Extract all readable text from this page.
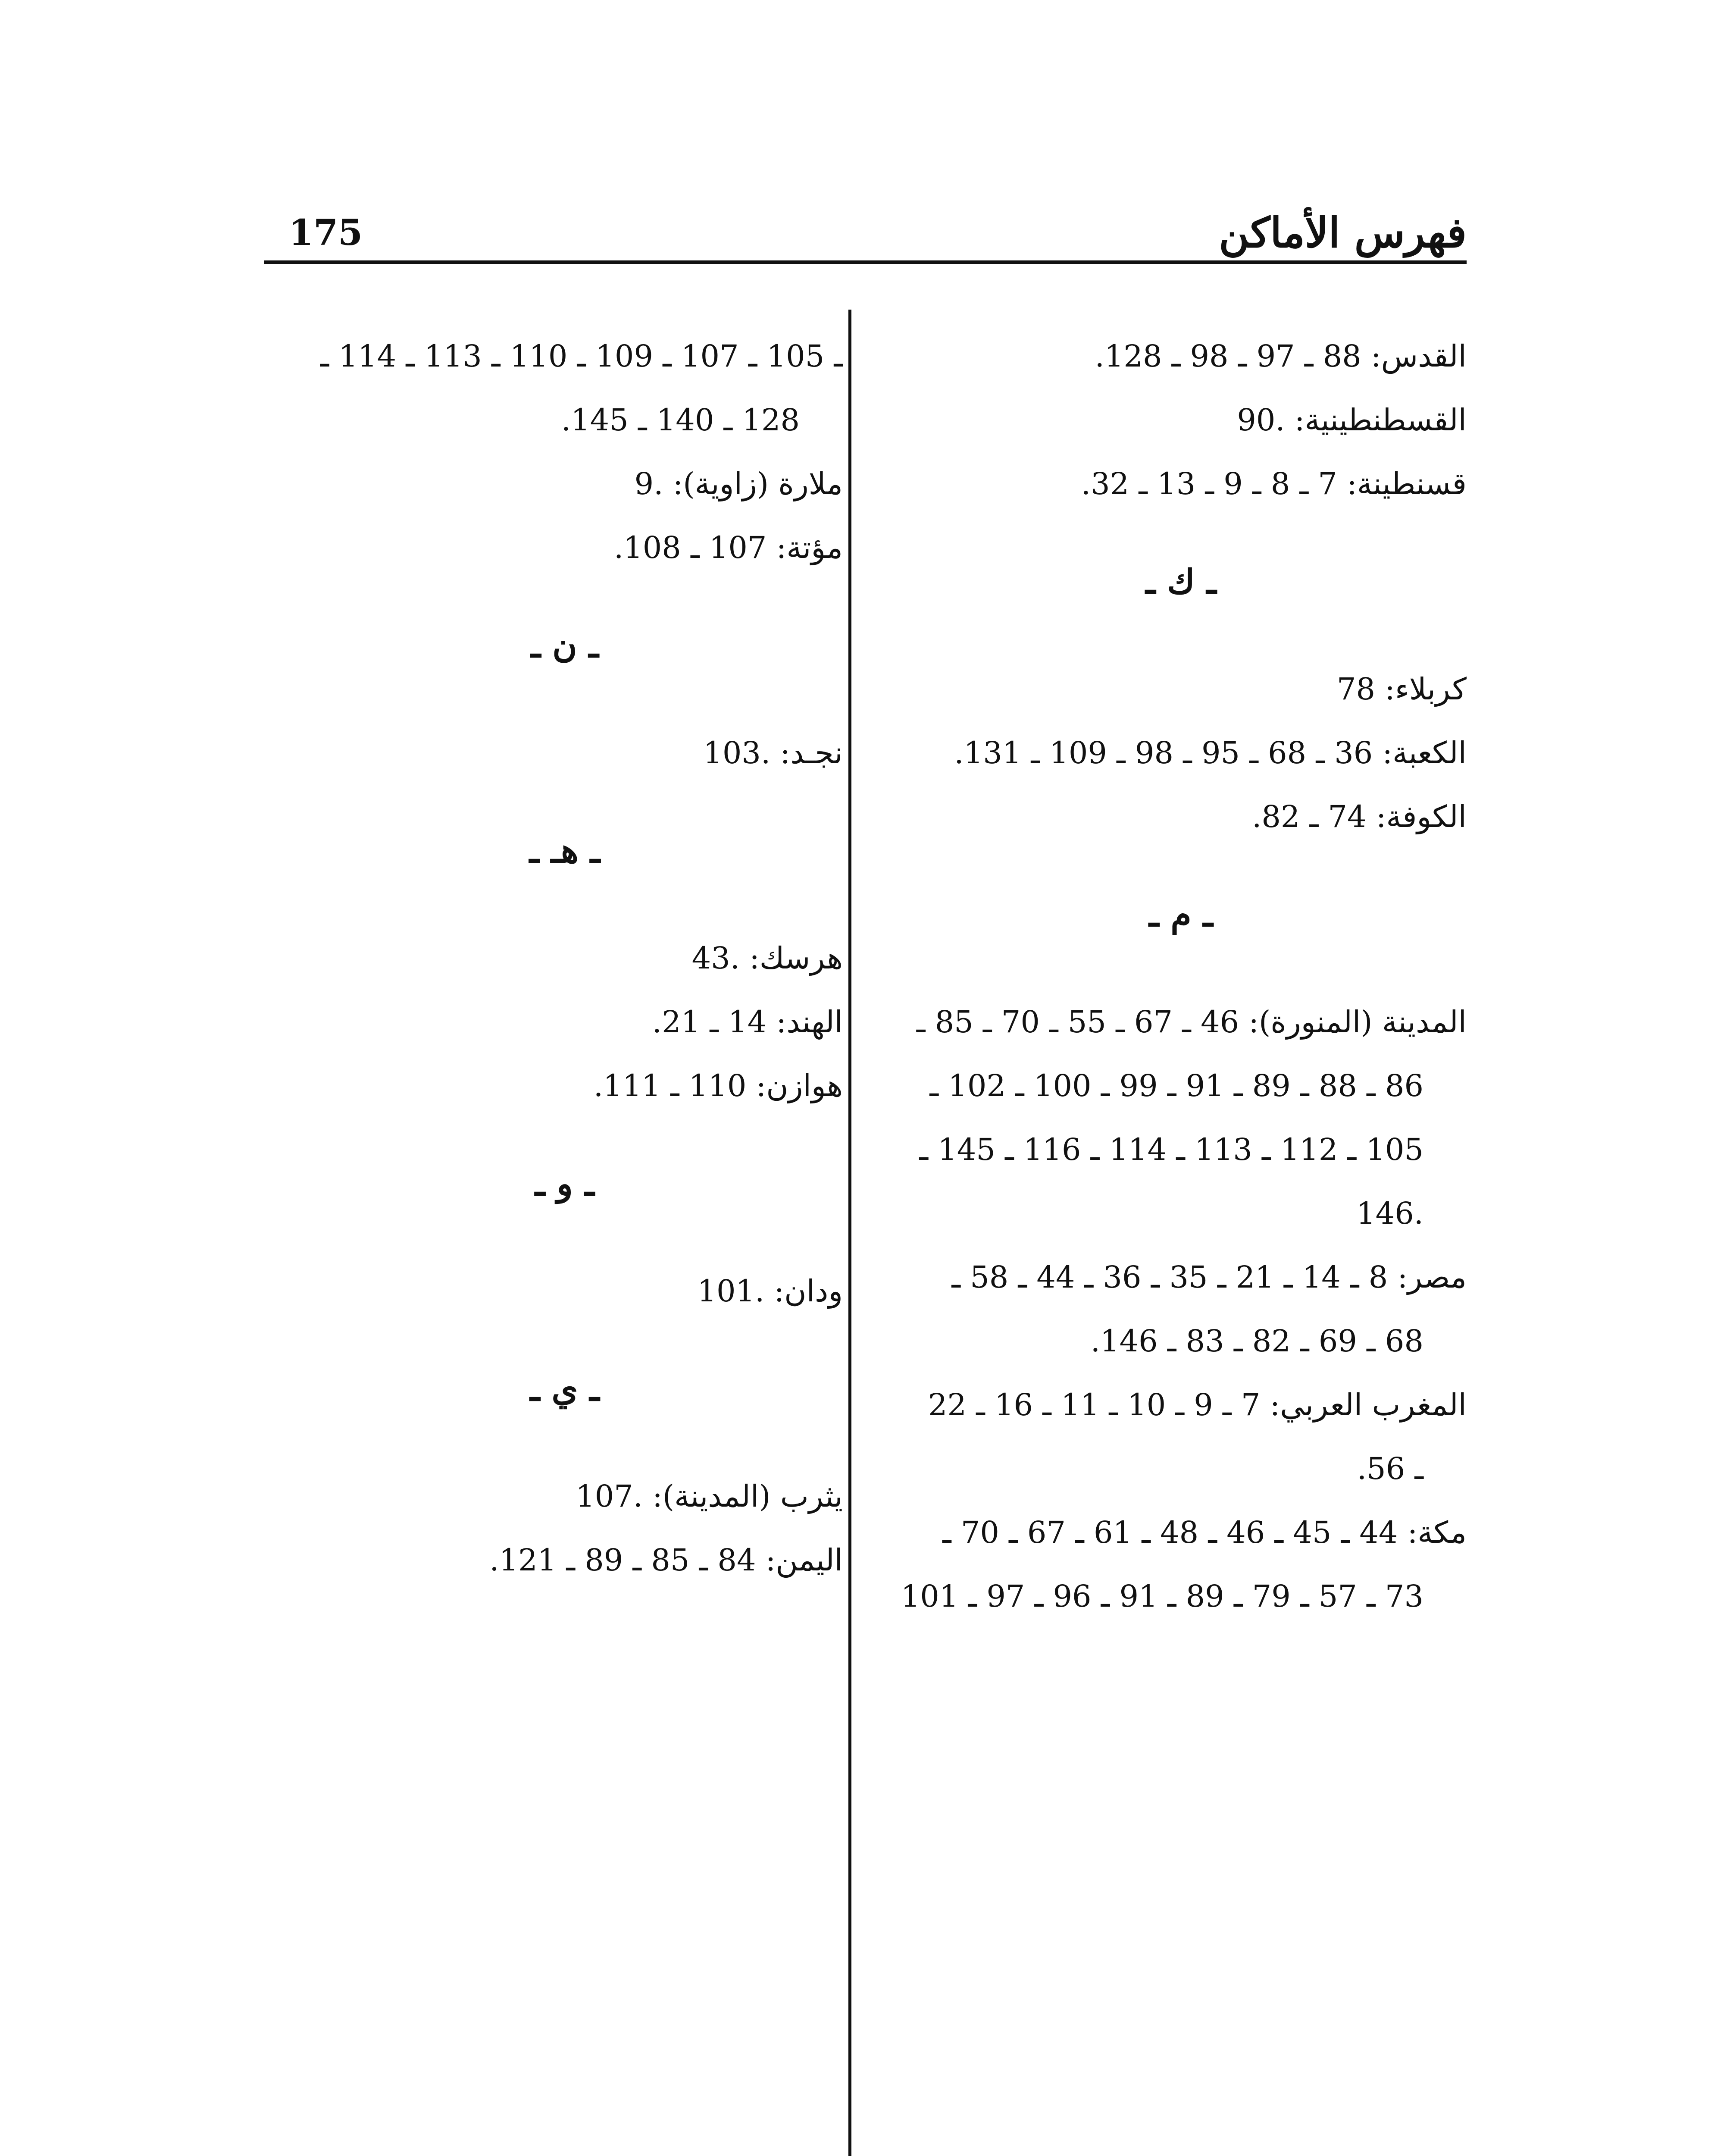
فهرس الأماكن
175
القدس: 88 ـ 97 ـ 98 ـ 128.
القسطنطينية: 90.
قسنطينة: 7 ـ 8 ـ 9 ـ 13 ـ 32.
ـ ك ـ
كربلاء: 78
الكعبة: 36 ـ 68 ـ 95 ـ 98 ـ 109 ـ 131.
الكوفة: 74 ـ 82.
ـ م ـ
المدينة (المنورة): 46 ـ 67 ـ 55 ـ 70 ـ 85 ـ
86 ـ 88 ـ 89 ـ 91 ـ 99 ـ 100 ـ 102 ـ
105 ـ 112 ـ 113 ـ 114 ـ 116 ـ 145 ـ
146.
مصر: 8 ـ 14 ـ 21 ـ 35 ـ 36 ـ 44 ـ 58 ـ
68 ـ 69 ـ 82 ـ 83 ـ 146.
المغرب العربي: 7 ـ 9 ـ 10 ـ 11 ـ 16 ـ 22
ـ 56.
مكة: 44 ـ 45 ـ 46 ـ 48 ـ 61 ـ 67 ـ 70 ـ
73 ـ 57 ـ 79 ـ 89 ـ 91 ـ 96 ـ 97 ـ 101
ـ 105 ـ 107 ـ 109 ـ 110 ـ 113 ـ 114 ـ
128 ـ 140 ـ 145.
ملارة (زاوية): 9.
مؤتة: 107 ـ 108.
ـ ن ـ
نجـد: 103.
ـ هـ ـ
هرسك: 43.
الهند: 14 ـ 21.
هوازن: 110 ـ 111.
ـ و ـ
ودان: 101.
ـ ي ـ
يثرب (المدينة): 107.
اليمن: 84 ـ 85 ـ 89 ـ 121.
